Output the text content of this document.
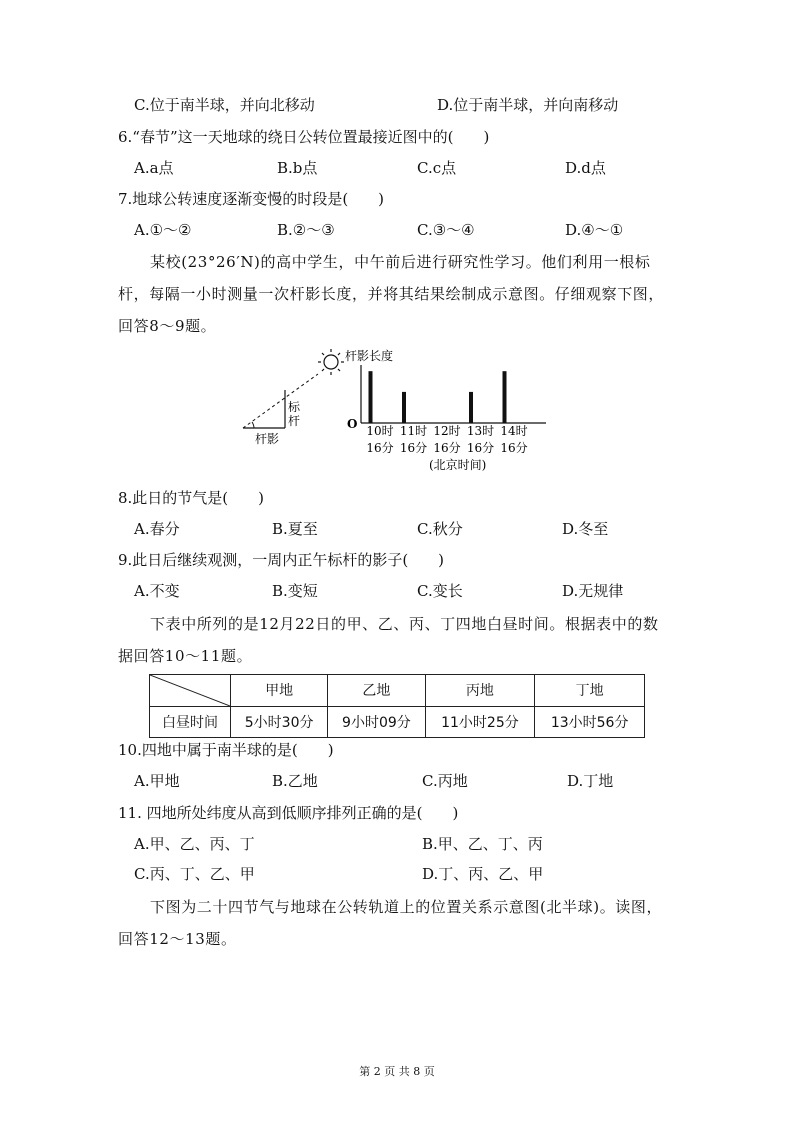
C.位于南半球，并向北移动	D.位于南半球，并向南移动
6.“春节”这一天地球的绕日公转位置最接近图中的(　　)
A.a点	B.b点	C.c点	D.d点
7.地球公转速度逐渐变慢的时段是(　　)
A.①～②	B.②～③	C.③～④	D.④～①
某校(23°26′N)的高中学生，中午前后进行研究性学习。他们利用一根标
杆，每隔一小时测量一次杆影长度，并将其结果绘制成示意图。仔细观察下图，
回答8～9题。
标
杆
杆影
杆影长度
O 10时
16分
11时
16分
12时
16分
13时
16分
14时
16分
(北京时间)
8.此日的节气是(　　)
A.春分	B.夏至	C.秋分	D.冬至
9.此日后继续观测，一周内正午标杆的影子(　　)
A.不变	B.变短	C.变长	D.无规律
下表中所列的是12月22日的甲、乙、丙、丁四地白昼时间。根据表中的数
据回答10～11题。
	甲地	乙地	丙地	丁地
白昼时间	5小时30分	9小时09分	11小时25分	13小时56分
10.四地中属于南半球的是(　　)
A.甲地	B.乙地	C.丙地	D.丁地
11. 四地所处纬度从高到低顺序排列正确的是(　　)
A.甲、乙、丙、丁	B.甲、乙、丁、丙
C.丙、丁、乙、甲	D.丁、丙、乙、甲
下图为二十四节气与地球在公转轨道上的位置关系示意图(北半球)。读图，
回答12～13题。
第 2 页 共 8 页
